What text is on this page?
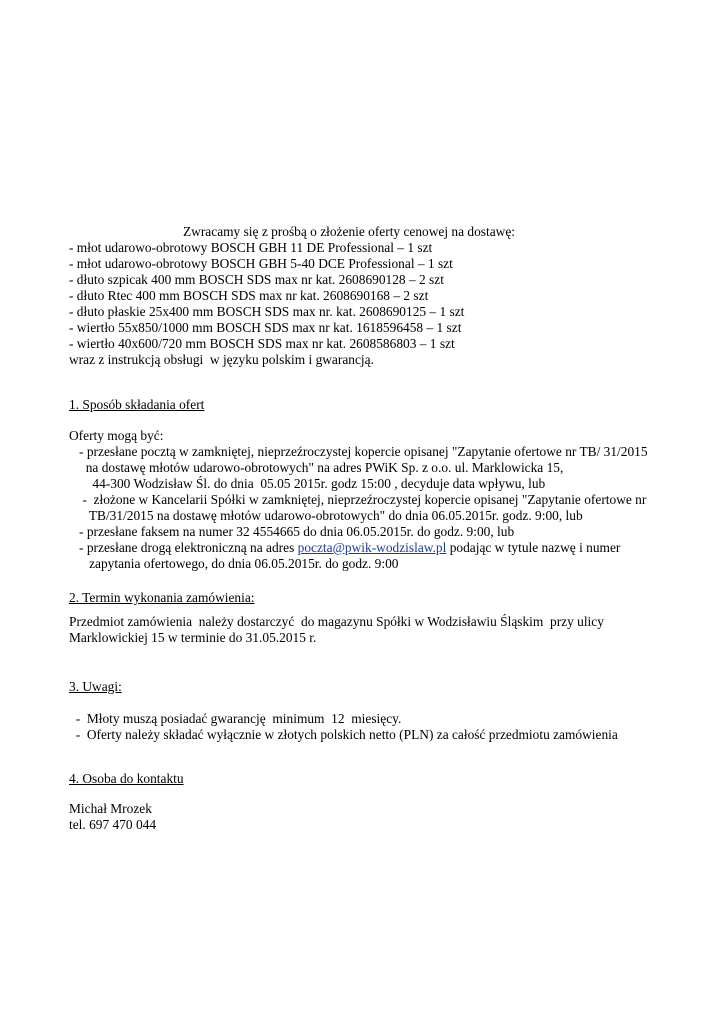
Zwracamy się z prośbą o złożenie oferty cenowej na dostawę:
- młot udarowo-obrotowy BOSCH GBH 11 DE Professional – 1 szt
- młot udarowo-obrotowy BOSCH GBH 5-40 DCE Professional – 1 szt
- dłuto szpicak 400 mm BOSCH SDS max nr kat. 2608690128 – 2 szt
- dłuto Rtec 400 mm BOSCH SDS max nr kat. 2608690168 – 2 szt
- dłuto płaskie 25x400 mm BOSCH SDS max nr. kat. 2608690125 – 1 szt
- wiertło 55x850/1000 mm BOSCH SDS max nr kat. 1618596458 – 1 szt
- wiertło 40x600/720 mm BOSCH SDS max nr kat. 2608586803 – 1 szt
wraz z instrukcją obsługi  w języku polskim i gwarancją.
1. Sposób składania ofert
Oferty mogą być:
- przesłane pocztą w zamkniętej, nieprzeźroczystej kopercie opisanej "Zapytanie ofertowe nr TB/ 31/2015
na dostawę młotów udarowo-obrotowych" na adres PWiK Sp. z o.o. ul. Marklowicka 15,
44-300 Wodzisław Śl. do dnia  05.05 2015r. godz 15:00 , decyduje data wpływu, lub
-  złożone w Kancelarii Spółki w zamkniętej, nieprzeźroczystej kopercie opisanej "Zapytanie ofertowe nr
TB/31/2015 na dostawę młotów udarowo-obrotowych" do dnia 06.05.2015r. godz. 9:00, lub
- przesłane faksem na numer 32 4554665 do dnia 06.05.2015r. do godz. 9:00, lub
- przesłane drogą elektroniczną na adres poczta@pwik-wodzislaw.pl podając w tytule nazwę i numer
zapytania ofertowego, do dnia 06.05.2015r. do godz. 9:00
2. Termin wykonania zamówienia:
Przedmiot zamówienia  należy dostarczyć  do magazynu Spółki w Wodzisławiu Śląskim  przy ulicy
Marklowickiej 15 w terminie do 31.05.2015 r.
3. Uwagi:
-  Młoty muszą posiadać gwarancję  minimum  12  miesięcy.
-  Oferty należy składać wyłącznie w złotych polskich netto (PLN) za całość przedmiotu zamówienia
4. Osoba do kontaktu
Michał Mrozek
tel. 697 470 044
